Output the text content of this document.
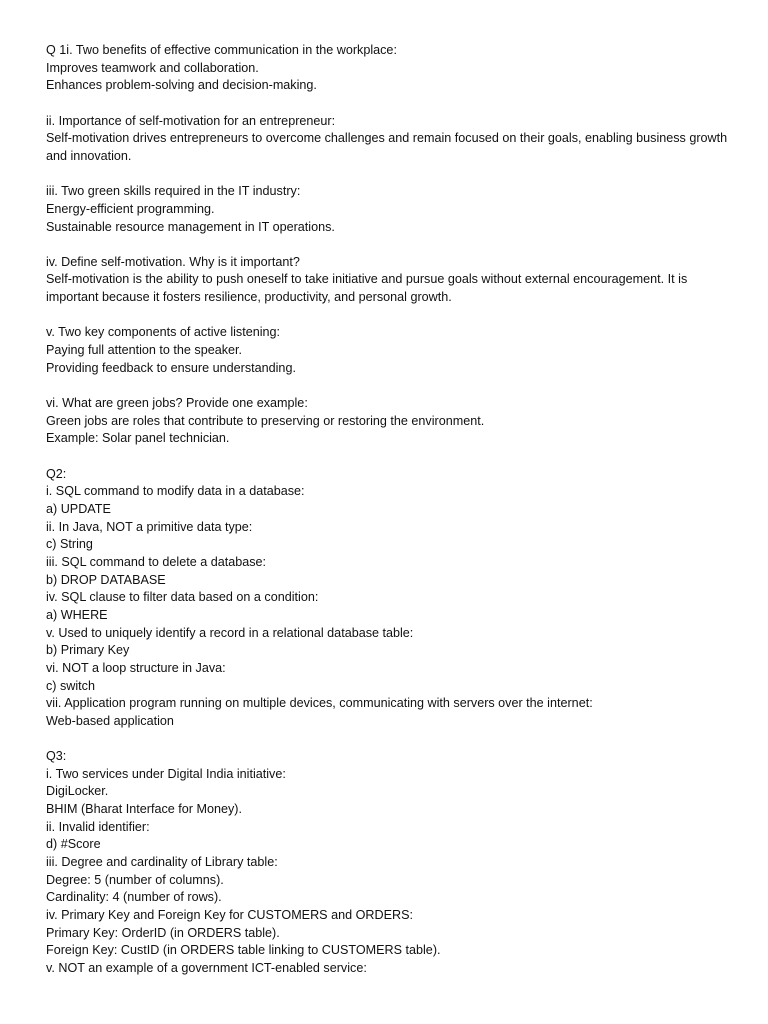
Q 1i. Two benefits of effective communication in the workplace:
Improves teamwork and collaboration.
Enhances problem-solving and decision-making.
ii. Importance of self-motivation for an entrepreneur:
Self-motivation drives entrepreneurs to overcome challenges and remain focused on their goals, enabling business growth and innovation.
iii. Two green skills required in the IT industry:
Energy-efficient programming.
Sustainable resource management in IT operations.
iv. Define self-motivation. Why is it important?
Self-motivation is the ability to push oneself to take initiative and pursue goals without external encouragement. It is important because it fosters resilience, productivity, and personal growth.
v. Two key components of active listening:
Paying full attention to the speaker.
Providing feedback to ensure understanding.
vi. What are green jobs? Provide one example:
Green jobs are roles that contribute to preserving or restoring the environment.
Example: Solar panel technician.
Q2:
i. SQL command to modify data in a database:
a) UPDATE
ii. In Java, NOT a primitive data type:
c) String
iii. SQL command to delete a database:
b) DROP DATABASE
iv. SQL clause to filter data based on a condition:
a) WHERE
v. Used to uniquely identify a record in a relational database table:
b) Primary Key
vi. NOT a loop structure in Java:
c) switch
vii. Application program running on multiple devices, communicating with servers over the internet:
Web-based application
Q3:
i. Two services under Digital India initiative:
DigiLocker.
BHIM (Bharat Interface for Money).
ii. Invalid identifier:
d) #Score
iii. Degree and cardinality of Library table:
Degree: 5 (number of columns).
Cardinality: 4 (number of rows).
iv. Primary Key and Foreign Key for CUSTOMERS and ORDERS:
Primary Key: OrderID (in ORDERS table).
Foreign Key: CustID (in ORDERS table linking to CUSTOMERS table).
v. NOT an example of a government ICT-enabled service:
